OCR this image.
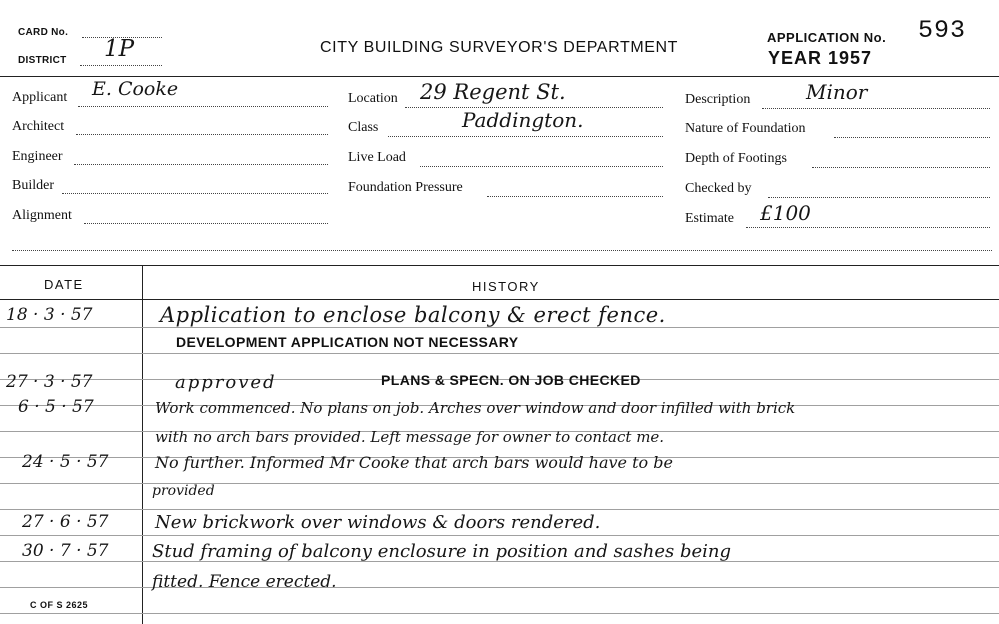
CARD No.
DISTRICT 1P	CITY BUILDING SURVEYOR'S DEPARTMENT
APPLICATION No. 593
YEAR 1957
Applicant E. Cooke
Architect
Engineer
Builder
Alignment
Location 29 Regent St.
Class	Paddington.
Live Load
Foundation Pressure
Description	Minor
Nature of Foundation
Depth of Footings
Checked by
Estimate £100
DATE	HISTORY
18 · 3 · 57	Application to enclose balcony & erect fence.
DEVELOPMENT APPLICATION NOT NECESSARY
27 · 3 · 57	approved	PLANS & SPECN. ON JOB CHECKED
6 · 5 · 57	Work commenced. No plans on job. Arches over window and door infilled with brick
with no arch bars provided. Left message for owner to contact me.
24 · 5 · 57	No further. Informed Mr Cooke that arch bars would have to be
provided
27 · 6 · 57	New brickwork over windows & doors rendered.
30 · 7 · 57 Stud framing of balcony enclosure in position and sashes being
fitted. Fence erected.
C OF S 2625
